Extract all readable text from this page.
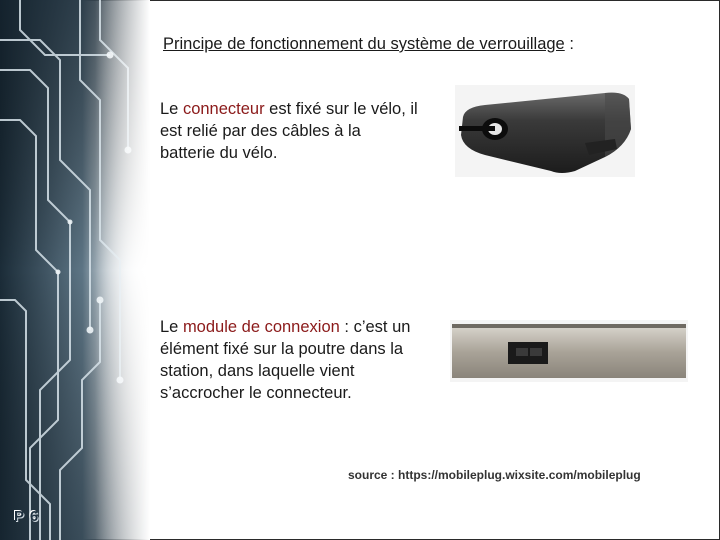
Principe de fonctionnement du système de verrouillage :
Le connecteur est fixé sur le vélo, il est relié par des câbles à la batterie du vélo.
Le module de connexion : c’est un élément fixé sur la poutre dans la station, dans laquelle vient s’accrocher le connecteur.
source : https://mobileplug.wixsite.com/mobileplug
P 6
